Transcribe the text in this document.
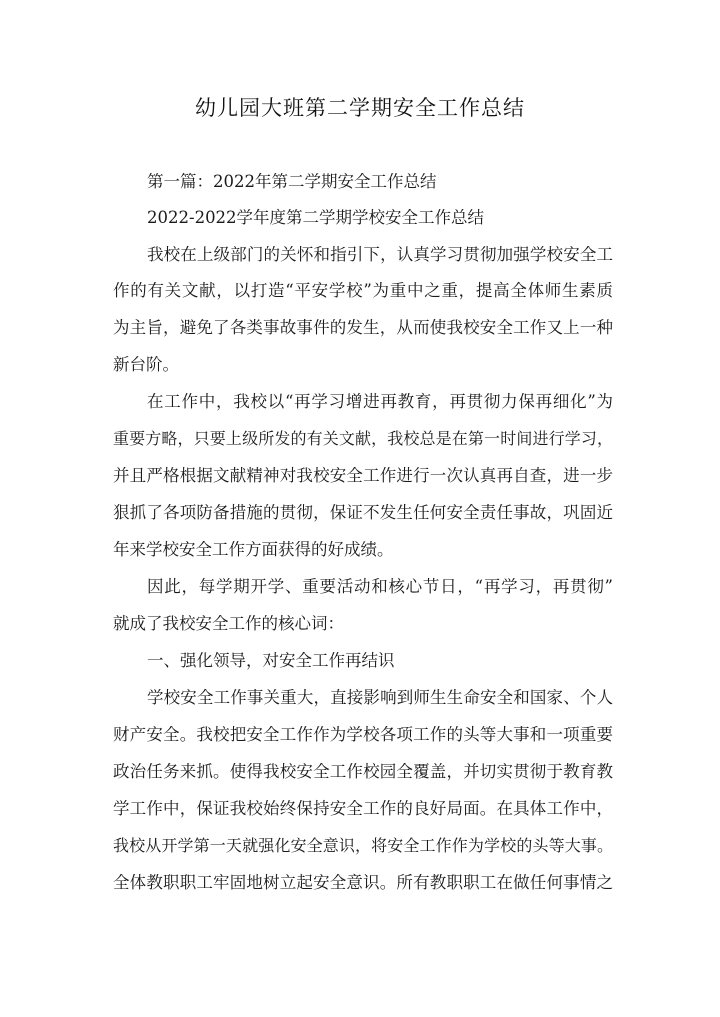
幼儿园大班第二学期安全工作总结
第一篇：2022年第二学期安全工作总结
2022-2022学年度第二学期学校安全工作总结
我校在上级部门的关怀和指引下，认真学习贯彻加强学校安全工
作的有关文献，以打造“平安学校”为重中之重，提高全体师生素质
为主旨，避免了各类事故事件的发生，从而使我校安全工作又上一种
新台阶。
在工作中，我校以“再学习增进再教育，再贯彻力保再细化”为
重要方略，只要上级所发的有关文献，我校总是在第一时间进行学习，
并且严格根据文献精神对我校安全工作进行一次认真再自查，进一步
狠抓了各项防备措施的贯彻，保证不发生任何安全责任事故，巩固近
年来学校安全工作方面获得的好成绩。
因此，每学期开学、重要活动和核心节日，“再学习，再贯彻”
就成了我校安全工作的核心词：
一、强化领导，对安全工作再结识
学校安全工作事关重大，直接影响到师生生命安全和国家、个人
财产安全。我校把安全工作作为学校各项工作的头等大事和一项重要
政治任务来抓。使得我校安全工作校园全覆盖，并切实贯彻于教育教
学工作中，保证我校始终保持安全工作的良好局面。在具体工作中，
我校从开学第一天就强化安全意识，将安全工作作为学校的头等大事。
全体教职职工牢固地树立起安全意识。所有教职职工在做任何事情之
